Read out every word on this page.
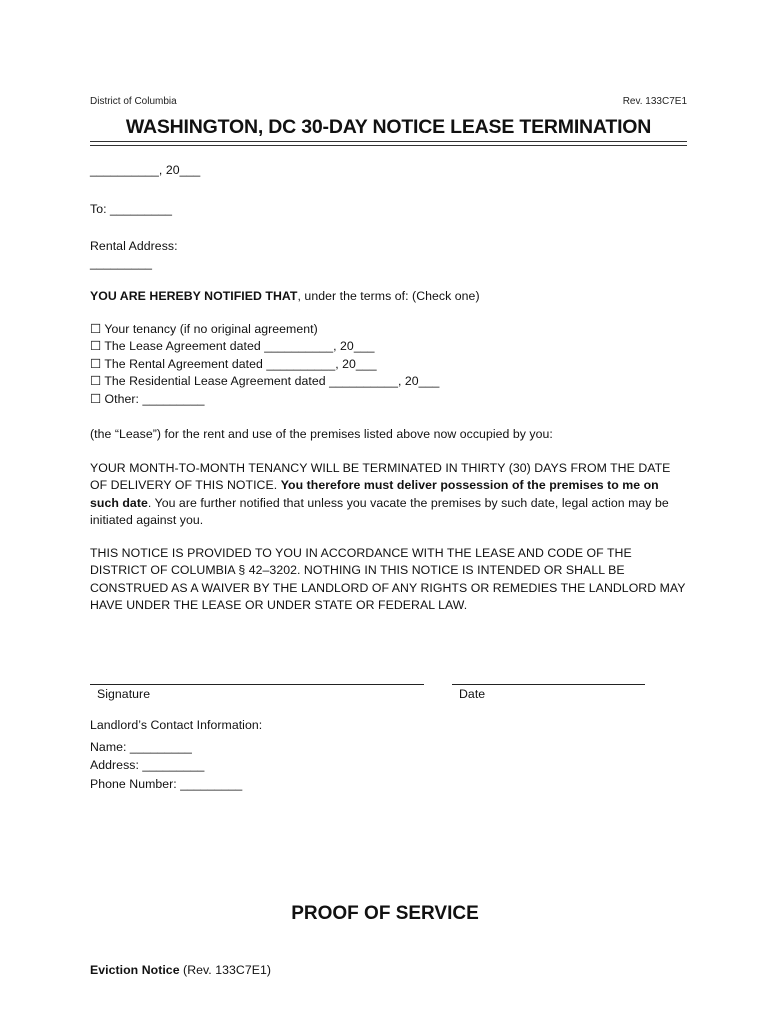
District of Columbia	Rev. 133C7E1
WASHINGTON, DC 30-DAY NOTICE LEASE TERMINATION
__________, 20___
To: _________
Rental Address:
_________
YOU ARE HEREBY NOTIFIED THAT, under the terms of: (Check one)
☐ Your tenancy (if no original agreement)
☐ The Lease Agreement dated __________, 20___
☐ The Rental Agreement dated __________, 20___
☐ The Residential Lease Agreement dated __________, 20___
☐ Other: _________
(the “Lease”) for the rent and use of the premises listed above now occupied by you:
YOUR MONTH-TO-MONTH TENANCY WILL BE TERMINATED IN THIRTY (30) DAYS FROM THE DATE OF DELIVERY OF THIS NOTICE. You therefore must deliver possession of the premises to me on such date. You are further notified that unless you vacate the premises by such date, legal action may be initiated against you.
THIS NOTICE IS PROVIDED TO YOU IN ACCORDANCE WITH THE LEASE AND CODE OF THE DISTRICT OF COLUMBIA § 42–3202. NOTHING IN THIS NOTICE IS INTENDED OR SHALL BE CONSTRUED AS A WAIVER BY THE LANDLORD OF ANY RIGHTS OR REMEDIES THE LANDLORD MAY HAVE UNDER THE LEASE OR UNDER STATE OR FEDERAL LAW.
Signature	Date
Landlord’s Contact Information:
Name: _________
Address: _________
Phone Number: _________
PROOF OF SERVICE
Eviction Notice (Rev. 133C7E1)
